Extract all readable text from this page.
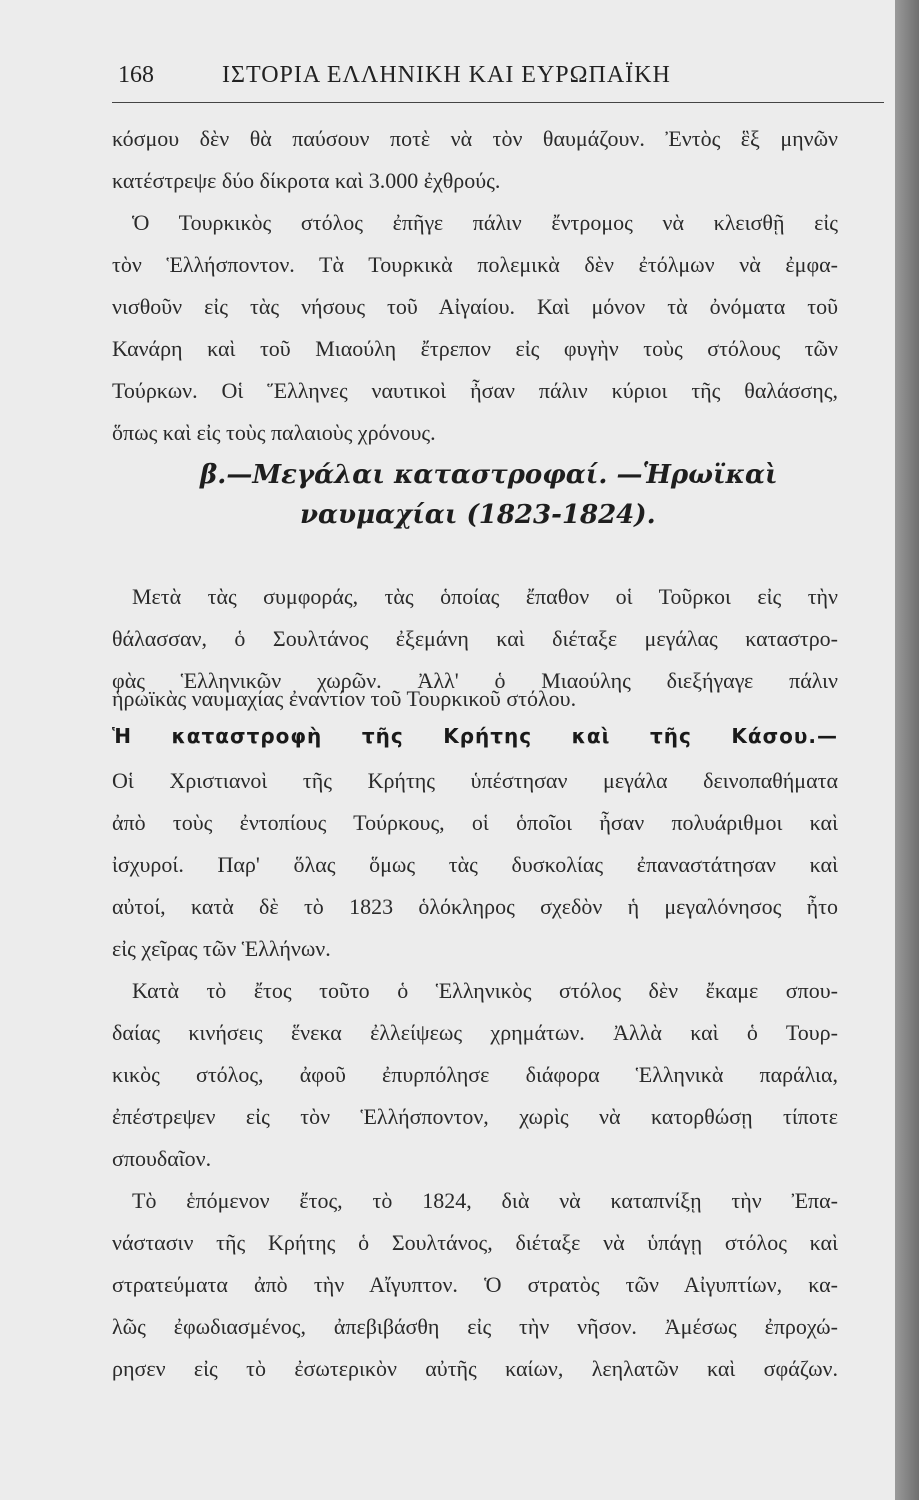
168	ΙΣΤΟΡΙΑ ΕΛΛΗΝΙΚΗ ΚΑΙ ΕΥΡΩΠΑΪΚΗ
κόσμου δὲν θὰ παύσουν ποτὲ νὰ τὸν θαυμάζουν. Ἐντὸς ἓξ μηνῶν
κατέστρεψε δύο δίκροτα καὶ 3.000 ἐχθρούς.
Ὁ Τουρκικὸς στόλος ἐπῆγε πάλιν ἔντρομος νὰ κλεισθῇ εἰς
τὸν Ἑλλήσποντον. Τὰ Τουρκικὰ πολεμικὰ δὲν ἐτόλμων νὰ ἐμφα-
νισθοῦν εἰς τὰς νήσους τοῦ Αἰγαίου. Καὶ μόνον τὰ ὀνόματα τοῦ
Κανάρη καὶ τοῦ Μιαούλη ἔτρεπον εἰς φυγὴν τοὺς στόλους τῶν
Τούρκων. Οἱ Ἕλληνες ναυτικοὶ ἦσαν πάλιν κύριοι τῆς θαλάσσης,
ὅπως καὶ εἰς τοὺς παλαιοὺς χρόνους.
β.—Μεγάλαι καταστροφαί. —Ἡρωϊκαὶ
ναυμαχίαι (1823-1824).
Μετὰ τὰς συμφοράς, τὰς ὁποίας ἔπαθον οἱ Τοῦρκοι εἰς τὴν
θάλασσαν, ὁ Σουλτάνος ἐξεμάνη καὶ διέταξε μεγάλας καταστρο-
φὰς Ἑλληνικῶν χωρῶν. Ἀλλ' ὁ Μιαούλης διεξήγαγε πάλιν
ἡρωϊκὰς ναυμαχίας ἐναντίον τοῦ Τουρκικοῦ στόλου.
Ἡ καταστροφὴ τῆς Κρήτης καὶ τῆς Κάσου.—
Οἱ Χριστιανοὶ τῆς Κρήτης ὑπέστησαν μεγάλα δεινοπαθήματα
ἀπὸ τοὺς ἐντοπίους Τούρκους, οἱ ὁποῖοι ἦσαν πολυάριθμοι καὶ
ἰσχυροί. Παρ' ὅλας ὅμως τὰς δυσκολίας ἐπαναστάτησαν καὶ
αὐτοί, κατὰ δὲ τὸ 1823 ὁλόκληρος σχεδὸν ἡ μεγαλόνησος ἦτο
εἰς χεῖρας τῶν Ἑλλήνων.
Κατὰ τὸ ἔτος τοῦτο ὁ Ἑλληνικὸς στόλος δὲν ἔκαμε σπου-
δαίας κινήσεις ἕνεκα ἐλλείψεως χρημάτων. Ἀλλὰ καὶ ὁ Τουρ-
κικὸς στόλος, ἀφοῦ ἐπυρπόλησε διάφορα Ἑλληνικὰ παράλια,
ἐπέστρεψεν εἰς τὸν Ἑλλήσποντον, χωρὶς νὰ κατορθώσῃ τίποτε
σπουδαῖον.
Τὸ ἑπόμενον ἔτος, τὸ 1824, διὰ νὰ καταπνίξῃ τὴν Ἐπα-
νάστασιν τῆς Κρήτης ὁ Σουλτάνος, διέταξε νὰ ὑπάγῃ στόλος καὶ
στρατεύματα ἀπὸ τὴν Αἴγυπτον. Ὁ στρατὸς τῶν Αἰγυπτίων, κα-
λῶς ἐφωδιασμένος, ἀπεβιβάσθη εἰς τὴν νῆσον. Ἀμέσως ἐπροχώ-
ρησεν εἰς τὸ ἐσωτερικὸν αὐτῆς καίων, λεηλατῶν καὶ σφάζων.
